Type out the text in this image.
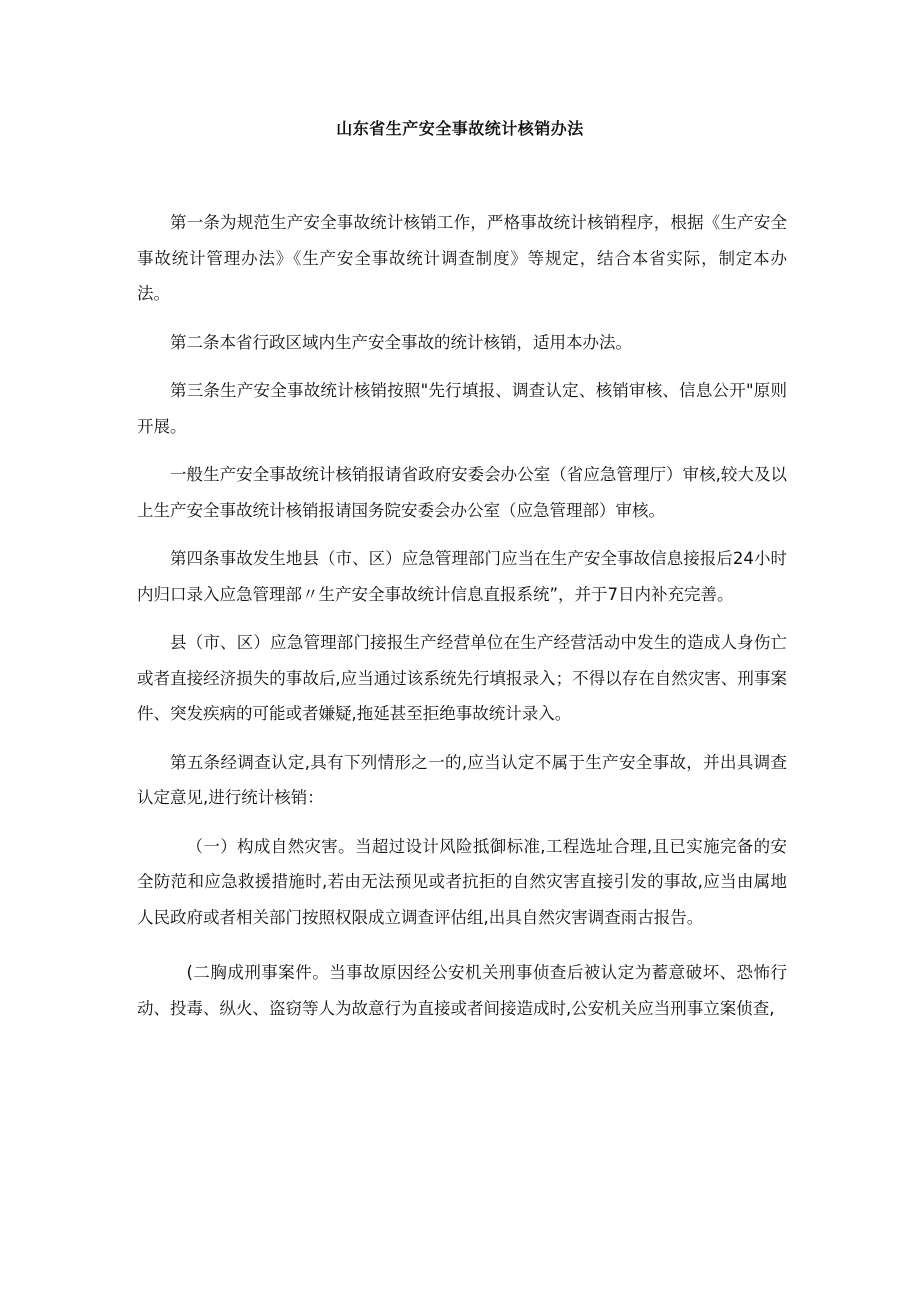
山东省生产安全事故统计核销办法

第一条为规范生产安全事故统计核销工作，严格事故统计核销程序，根据《生产安全事故统计管理办法》《生产安全事故统计调查制度》等规定，结合本省实际，制定本办法。

第二条本省行政区域内生产安全事故的统计核销，适用本办法。

第三条生产安全事故统计核销按照"先行填报、调查认定、核销审核、信息公开"原则开展。

一般生产安全事故统计核销报请省政府安委会办公室（省应急管理厅）审核,较大及以上生产安全事故统计核销报请国务院安委会办公室（应急管理部）审核。

第四条事故发生地县（市、区）应急管理部门应当在生产安全事故信息接报后24小时内归口录入应急管理部〃生产安全事故统计信息直报系统”，并于7日内补充完善。

县（市、区）应急管理部门接报生产经营单位在生产经营活动中发生的造成人身伤亡或者直接经济损失的事故后,应当通过该系统先行填报录入；不得以存在自然灾害、刑事案件、突发疾病的可能或者嫌疑,拖延甚至拒绝事故统计录入。

第五条经调查认定,具有下列情形之一的,应当认定不属于生产安全事故，并出具调查认定意见,进行统计核销：

（一）构成自然灾害。当超过设计风险抵御标准,工程选址合理,且已实施完备的安全防范和应急救援措施时,若由无法预见或者抗拒的自然灾害直接引发的事故,应当由属地人民政府或者相关部门按照权限成立调查评估组,出具自然灾害调查雨古报告。

(二胸成刑事案件。当事故原因经公安机关刑事侦查后被认定为蓄意破坏、恐怖行动、投毒、纵火、盗窃等人为故意行为直接或者间接造成时,公安机关应当刑事立案侦查,
